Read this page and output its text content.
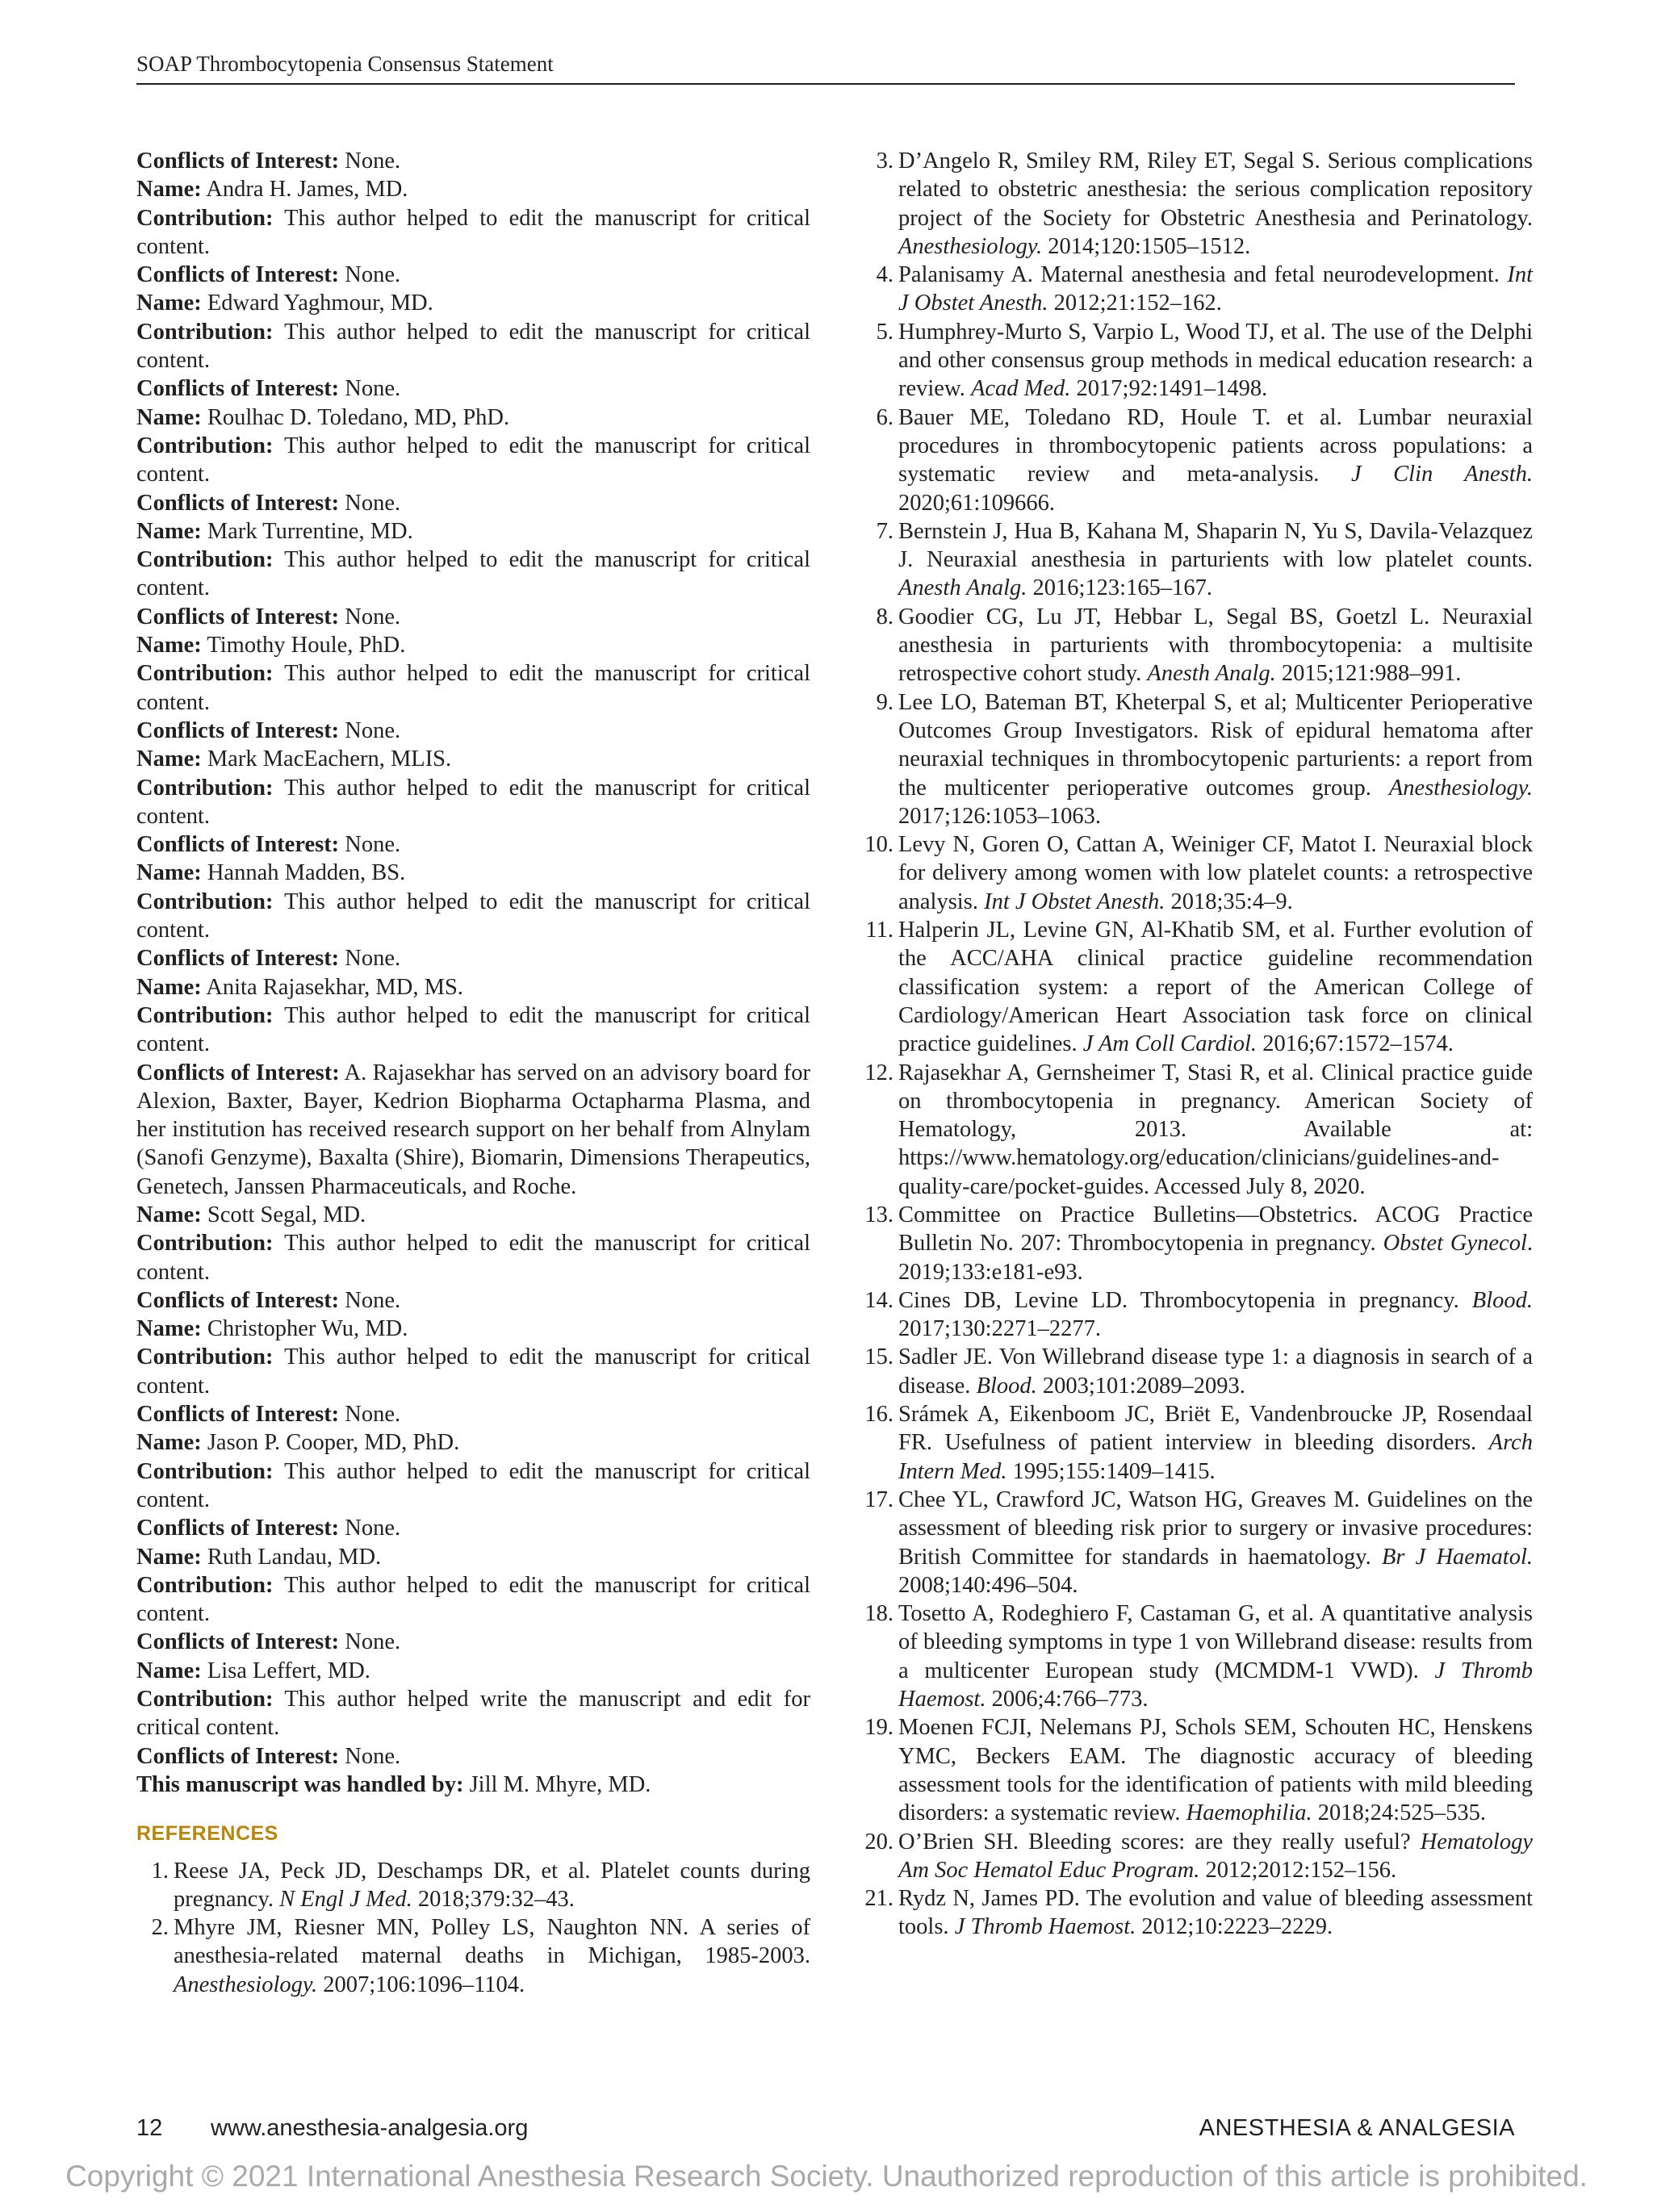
SOAP Thrombocytopenia Consensus Statement

Conflicts of Interest: None.

Name: Andra H. James, MD.

Contribution: This author helped to edit the manuscript for critical content.

Conflicts of Interest: None.

Name: Edward Yaghmour, MD.

Contribution: This author helped to edit the manuscript for critical content.

Conflicts of Interest: None.

Name: Roulhac D. Toledano, MD, PhD.

Contribution: This author helped to edit the manuscript for critical content.

Conflicts of Interest: None.

Name: Mark Turrentine, MD.

Contribution: This author helped to edit the manuscript for critical content.

Conflicts of Interest: None.

Name: Timothy Houle, PhD.

Contribution: This author helped to edit the manuscript for critical content.

Conflicts of Interest: None.

Name: Mark MacEachern, MLIS.

Contribution: This author helped to edit the manuscript for critical content.

Conflicts of Interest: None.

Name: Hannah Madden, BS.

Contribution: This author helped to edit the manuscript for critical content.

Conflicts of Interest: None.

Name: Anita Rajasekhar, MD, MS.

Contribution: This author helped to edit the manuscript for critical content.

Conflicts of Interest: A. Rajasekhar has served on an advisory board for Alexion, Baxter, Bayer, Kedrion Biopharma Octapharma Plasma, and her institution has received research support on her behalf from Alnylam (Sanofi Genzyme), Baxalta (Shire), Biomarin, Dimensions Therapeutics, Genetech, Janssen Pharmaceuticals, and Roche.

Name: Scott Segal, MD.

Contribution: This author helped to edit the manuscript for critical content.

Conflicts of Interest: None.

Name: Christopher Wu, MD.

Contribution: This author helped to edit the manuscript for critical content.

Conflicts of Interest: None.

Name: Jason P. Cooper, MD, PhD.

Contribution: This author helped to edit the manuscript for critical content.

Conflicts of Interest: None.

Name: Ruth Landau, MD.

Contribution: This author helped to edit the manuscript for critical content.

Conflicts of Interest: None.

Name: Lisa Leffert, MD.

Contribution: This author helped write the manuscript and edit for critical content.

Conflicts of Interest: None.

This manuscript was handled by: Jill M. Mhyre, MD.

REFERENCES
1. Reese JA, Peck JD, Deschamps DR, et al. Platelet counts during pregnancy. N Engl J Med. 2018;379:32–43.
2. Mhyre JM, Riesner MN, Polley LS, Naughton NN. A series of anesthesia-related maternal deaths in Michigan, 1985-2003. Anesthesiology. 2007;106:1096–1104.
3. D’Angelo R, Smiley RM, Riley ET, Segal S. Serious complications related to obstetric anesthesia: the serious complication repository project of the Society for Obstetric Anesthesia and Perinatology. Anesthesiology. 2014;120:1505–1512.
4. Palanisamy A. Maternal anesthesia and fetal neurodevelopment. Int J Obstet Anesth. 2012;21:152–162.
5. Humphrey-Murto S, Varpio L, Wood TJ, et al. The use of the Delphi and other consensus group methods in medical education research: a review. Acad Med. 2017;92:1491–1498.
6. Bauer ME, Toledano RD, Houle T. et al. Lumbar neuraxial procedures in thrombocytopenic patients across populations: a systematic review and meta-analysis. J Clin Anesth. 2020;61:109666.
7. Bernstein J, Hua B, Kahana M, Shaparin N, Yu S, Davila-Velazquez J. Neuraxial anesthesia in parturients with low platelet counts. Anesth Analg. 2016;123:165–167.
8. Goodier CG, Lu JT, Hebbar L, Segal BS, Goetzl L. Neuraxial anesthesia in parturients with thrombocytopenia: a multisite retrospective cohort study. Anesth Analg. 2015;121:988–991.
9. Lee LO, Bateman BT, Kheterpal S, et al; Multicenter Perioperative Outcomes Group Investigators. Risk of epidural hematoma after neuraxial techniques in thrombocytopenic parturients: a report from the multicenter perioperative outcomes group. Anesthesiology. 2017;126:1053–1063.
10. Levy N, Goren O, Cattan A, Weiniger CF, Matot I. Neuraxial block for delivery among women with low platelet counts: a retrospective analysis. Int J Obstet Anesth. 2018;35:4–9.
11. Halperin JL, Levine GN, Al-Khatib SM, et al. Further evolution of the ACC/AHA clinical practice guideline recommendation classification system: a report of the American College of Cardiology/American Heart Association task force on clinical practice guidelines. J Am Coll Cardiol. 2016;67:1572–1574.
12. Rajasekhar A, Gernsheimer T, Stasi R, et al. Clinical practice guide on thrombocytopenia in pregnancy. American Society of Hematology, 2013. Available at: https://www.hematology.org/education/clinicians/guidelines-and-quality-care/pocket-guides. Accessed July 8, 2020.
13. Committee on Practice Bulletins—Obstetrics. ACOG Practice Bulletin No. 207: Thrombocytopenia in pregnancy. Obstet Gynecol. 2019;133:e181-e93.
14. Cines DB, Levine LD. Thrombocytopenia in pregnancy. Blood. 2017;130:2271–2277.
15. Sadler JE. Von Willebrand disease type 1: a diagnosis in search of a disease. Blood. 2003;101:2089–2093.
16. Srámek A, Eikenboom JC, Briët E, Vandenbroucke JP, Rosendaal FR. Usefulness of patient interview in bleeding disorders. Arch Intern Med. 1995;155:1409–1415.
17. Chee YL, Crawford JC, Watson HG, Greaves M. Guidelines on the assessment of bleeding risk prior to surgery or invasive procedures: British Committee for standards in haematology. Br J Haematol. 2008;140:496–504.
18. Tosetto A, Rodeghiero F, Castaman G, et al. A quantitative analysis of bleeding symptoms in type 1 von Willebrand disease: results from a multicenter European study (MCMDM-1 VWD). J Thromb Haemost. 2006;4:766–773.
19. Moenen FCJI, Nelemans PJ, Schols SEM, Schouten HC, Henskens YMC, Beckers EAM. The diagnostic accuracy of bleeding assessment tools for the identification of patients with mild bleeding disorders: a systematic review. Haemophilia. 2018;24:525–535.
20. O’Brien SH. Bleeding scores: are they really useful? Hematology Am Soc Hematol Educ Program. 2012;2012:152–156.
21. Rydz N, James PD. The evolution and value of bleeding assessment tools. J Thromb Haemost. 2012;10:2223–2229.
12 www.anesthesia-analgesia.org	ANESTHESIA & ANALGESIA
Copyright © 2021 International Anesthesia Research Society. Unauthorized reproduction of this article is prohibited.
